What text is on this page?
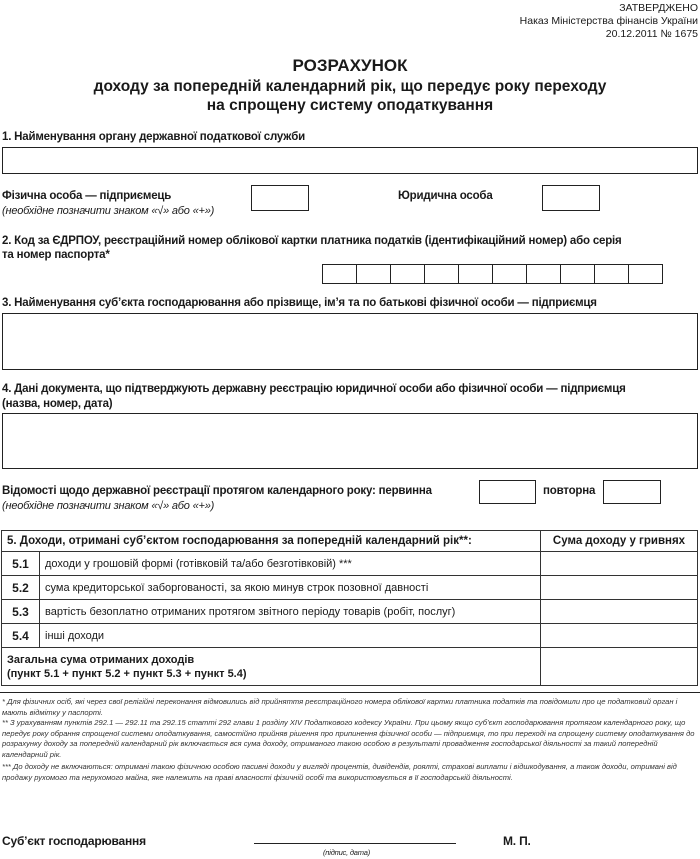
ЗАТВЕРДЖЕНО
Наказ Міністерства фінансів України
20.12.2011 № 1675
РОЗРАХУНОК
доходу за попередній календарний рік, що передує року переходу
на спрощену систему оподаткування
1. Найменування органу державної податкової служби
Фізична особа — підприємець
(необхідне позначити знаком «√» або «+»)
Юридична особа
2. Код за ЄДРПОУ, реєстраційний номер облікової картки платника податків (ідентифікаційний номер) або серія
та номер паспорта*
3. Найменування суб’єкта господарювання або прізвище, ім’я та по батькові фізичної особи — підприємця
4. Дані документа, що підтверджують державну реєстрацію юридичної особи або фізичної особи — підприємця
(назва, номер, дата)
Відомості щодо державної реєстрації протягом календарного року: первинна
(необхідне позначити знаком «√» або «+»)
повторна
5. Доходи, отримані суб’єктом господарювання за попередній календарний рік**:		Сума доходу у гривнях
5.1	доходи у грошовій формі (готівковій та/або безготівковій) ***	
5.2	сума кредиторської заборгованості, за якою минув строк позовної давності	
5.3	вартість безоплатно отриманих протягом звітного періоду товарів (робіт, послуг)	
5.4	інші доходи	

Загальна сума отриманих доходів
(пункт 5.1 + пункт 5.2 + пункт 5.3 + пункт 5.4)		

* Для фізичних осіб, які через свої релігійні переконання відмовились від прийняття реєстраційного номера облікової картки платника податків та повідомили про це податковий орган і мають відмітку у паспорті.
** З урахуванням пунктів 292.1 — 292.11 та 292.15 статті 292 глави 1 розділу XIV Податкового кодексу України. При цьому якщо суб’єкт господарювання протягом календарного року, що передує року обрання спрощеної системи оподаткування, самостійно прийняв рішення про припинення фізичної особи — підприємця, то при переході на спрощену систему оподаткування до розрахунку доходу за попередній календарний рік включається вся сума доходу, отриманого такою особою в результаті провадження господарської діяльності за такий попередній календарний рік.
*** До доходу не включаються: отримані такою фізичною особою пасивні доходи у вигляді процентів, дивідендів, роялті, страхові виплати і відшкодування, а також доходи, отримані від продажу рухомого та нерухомого майна, яке належить на праві власності фізичній особі та використовується в її господарській діяльності.
Суб’єкт господарювання
(підпис, дата)
М. П.
